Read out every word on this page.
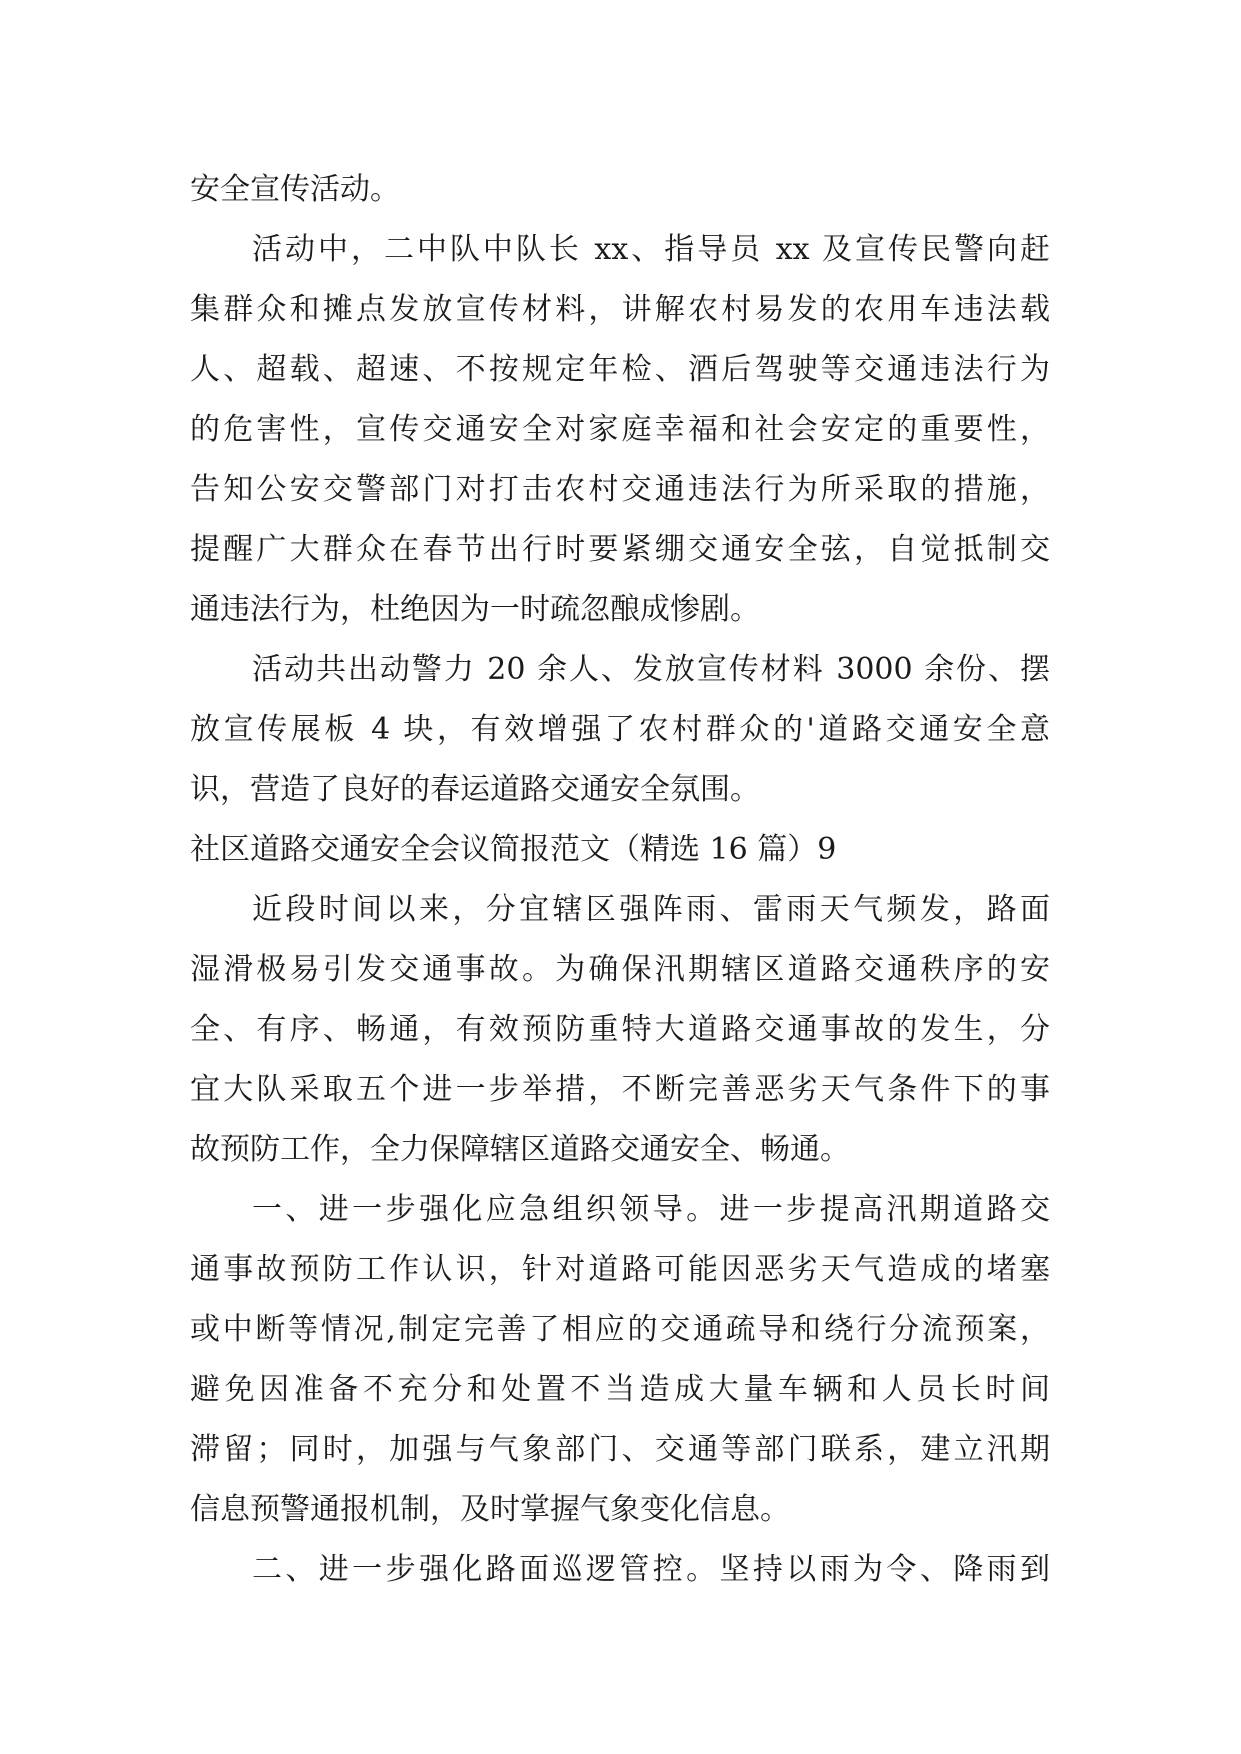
安全宣传活动。
活动中，二中队中队长 xx、指导员 xx 及宣传民警向赶
集群众和摊点发放宣传材料，讲解农村易发的农用车违法载
人、超载、超速、不按规定年检、酒后驾驶等交通违法行为
的危害性，宣传交通安全对家庭幸福和社会安定的重要性，
告知公安交警部门对打击农村交通违法行为所采取的措施，
提醒广大群众在春节出行时要紧绷交通安全弦，自觉抵制交
通违法行为，杜绝因为一时疏忽酿成惨剧。
活动共出动警力 20 余人、发放宣传材料 3000 余份、摆
放宣传展板 4 块，有效增强了农村群众的'道路交通安全意
识，营造了良好的春运道路交通安全氛围。
社区道路交通安全会议简报范文（精选 16 篇）9
近段时间以来，分宜辖区强阵雨、雷雨天气频发，路面
湿滑极易引发交通事故。为确保汛期辖区道路交通秩序的安
全、有序、畅通，有效预防重特大道路交通事故的发生，分
宜大队采取五个进一步举措，不断完善恶劣天气条件下的事
故预防工作，全力保障辖区道路交通安全、畅通。
一、进一步强化应急组织领导。进一步提高汛期道路交
通事故预防工作认识，针对道路可能因恶劣天气造成的堵塞
或中断等情况,制定完善了相应的交通疏导和绕行分流预案，
避免因准备不充分和处置不当造成大量车辆和人员长时间
滞留；同时，加强与气象部门、交通等部门联系，建立汛期
信息预警通报机制，及时掌握气象变化信息。
二、进一步强化路面巡逻管控。坚持以雨为令、降雨到
